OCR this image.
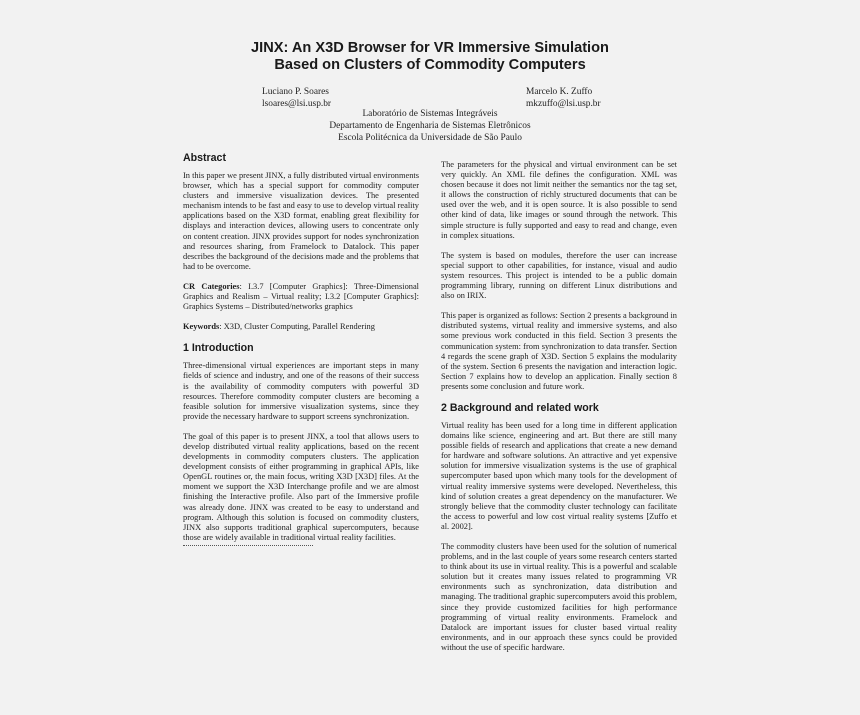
JINX: An X3D Browser for VR Immersive Simulation
Based on Clusters of Commodity Computers
Luciano P. Soares
lsoares@lsi.usp.br
Marcelo K. Zuffo
mkzuffo@lsi.usp.br
Laboratório de Sistemas Integráveis
Departamento de Engenharia de Sistemas Eletrônicos
Escola Politécnica da Universidade de São Paulo
Abstract

In this paper we present JINX, a fully distributed virtual environments browser, which has a special support for commodity computer clusters and immersive visualization devices. The presented mechanism intends to be fast and easy to use to develop virtual reality applications based on the X3D format, enabling great flexibility for displays and interaction devices, allowing users to concentrate only on content creation. JINX provides support for nodes synchronization and resources sharing, from Framelock to Datalock. This paper describes the background of the decisions made and the problems that had to be overcome.

CR Categories: I.3.7 [Computer Graphics]: Three-Dimensional Graphics and Realism – Virtual reality; I.3.2 [Computer Graphics]: Graphics Systems – Distributed/networks graphics

Keywords: X3D, Cluster Computing, Parallel Rendering

1 Introduction

Three-dimensional virtual experiences are important steps in many fields of science and industry, and one of the reasons of their success is the availability of commodity computers with powerful 3D resources. Therefore commodity computer clusters are becoming a feasible solution for immersive visualization systems, since they provide the necessary hardware to support screens synchronization.

The goal of this paper is to present JINX, a tool that allows users to develop distributed virtual reality applications, based on the recent developments in commodity computers clusters. The application development consists of either programming in graphical APIs, like OpenGL routines or, the main focus, writing X3D [X3D] files. At the moment we support the X3D Interchange profile and we are almost finishing the Interactive profile. Also part of the Immersive profile was already done. JINX was created to be easy to understand and program. Although this solution is focused on commodity clusters, JINX also supports traditional graphical supercomputers, because those are widely available in traditional virtual reality facilities.

The parameters for the physical and virtual environment can be set very quickly. An XML file defines the configuration. XML was chosen because it does not limit neither the semantics nor the tag set, it allows the construction of richly structured documents that can be used over the web, and it is open source. It is also possible to send other kind of data, like images or sound through the network. This simple structure is fully supported and easy to read and change, even in complex situations.

The system is based on modules, therefore the user can increase special support to other capabilities, for instance, visual and audio system resources. This project is intended to be a public domain programming library, running on different Linux distributions and also on IRIX.

This paper is organized as follows: Section 2 presents a background in distributed systems, virtual reality and immersive systems, and also some previous work conducted in this field. Section 3 presents the communication system: from synchronization to data transfer. Section 4 regards the scene graph of X3D. Section 5 explains the modularity of the system. Section 6 presents the navigation and interaction logic. Section 7 explains how to develop an application. Finally section 8 presents some conclusion and future work.

2 Background and related work

Virtual reality has been used for a long time in different application domains like science, engineering and art. But there are still many possible fields of research and applications that create a new demand for hardware and software solutions. An attractive and yet expensive solution for immersive visualization systems is the use of graphical supercomputer based upon which many tools for the development of virtual reality immersive systems were developed. Nevertheless, this kind of solution creates a great dependency on the manufacturer. We strongly believe that the commodity cluster technology can facilitate the access to powerful and low cost virtual reality systems [Zuffo et al. 2002].

The commodity clusters have been used for the solution of numerical problems, and in the last couple of years some research centers started to think about its use in virtual reality. This is a powerful and scalable solution but it creates many issues related to programming VR environments such as synchronization, data distribution and managing. The traditional graphic supercomputers avoid this problem, since they provide customized facilities for high performance programming of virtual reality environments. Framelock and Datalock are important issues for cluster based virtual reality environments, and in our approach these syncs could be provided without the use of specific hardware.
